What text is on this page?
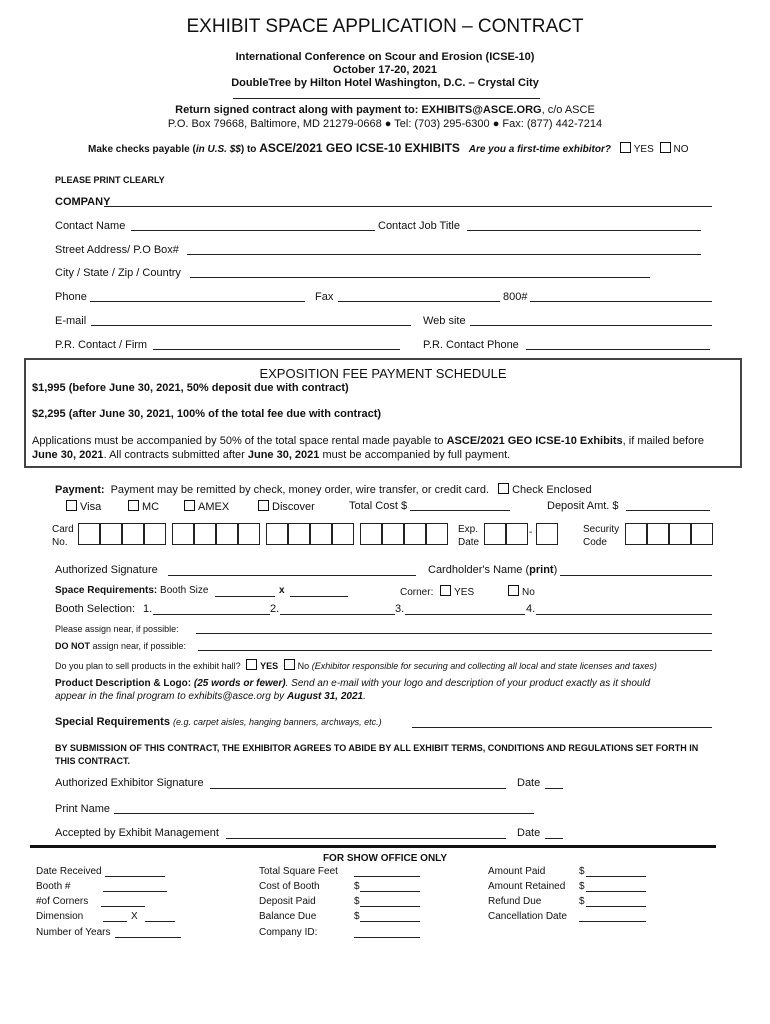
EXHIBIT SPACE APPLICATION – CONTRACT
International Conference on Scour and Erosion (ICSE-10)
October 17-20, 2021
DoubleTree by Hilton Hotel Washington, D.C. – Crystal City
Return signed contract along with payment to: EXHIBITS@ASCE.ORG, c/o ASCE
P.O. Box 79668, Baltimore, MD 21279-0668 ● Tel: (703) 295-6300 ● Fax: (877) 442-7214
Make checks payable (in U.S. $$) to ASCE/2021 GEO ICSE-10 EXHIBITS Are you a first-time exhibitor? YES NO
PLEASE PRINT CLEARLY
COMPANY
Contact Name	Contact Job Title
Street Address/ P.O Box#
City / State / Zip / Country
Phone	Fax	800#
E-mail	Web site
P.R. Contact / Firm	P.R. Contact Phone
EXPOSITION FEE PAYMENT SCHEDULE
$1,995 (before June 30, 2021, 50% deposit due with contract)
$2,295 (after June 30, 2021, 100% of the total fee due with contract)
Applications must be accompanied by 50% of the total space rental made payable to ASCE/2021 GEO ICSE-10 Exhibits, if mailed before
June 30, 2021. All contracts submitted after June 30, 2021 must be accompanied by full payment.
Payment: Payment may be remitted by check, money order, wire transfer, or credit card. Check Enclosed
Visa	MC	AMEX	Discover	Total Cost $	Deposit Amt. $
Card No.
Exp. Date
-	Security Code
Authorized Signature	Cardholder's Name (print)
Space Requirements: Booth Size	x	Corner: YES	No
Booth Selection: 1.	2.	3.	4.
Please assign near, if possible:
DO NOT assign near, if possible:
Do you plan to sell products in the exhibit hall? YES No (Exhibitor responsible for securing and collecting all local and state licenses and taxes)
Product Description & Logo: (25 words or fewer). Send an e-mail with your logo and description of your product exactly as it should
appear in the final program to exhibits@asce.org by August 31, 2021.
Special Requirements (e.g. carpet aisles, hanging banners, archways, etc.)
BY SUBMISSION OF THIS CONTRACT, THE EXHIBITOR AGREES TO ABIDE BY ALL EXHIBIT TERMS, CONDITIONS AND REGULATIONS SET FORTH IN
THIS CONTRACT.
Authorized Exhibitor Signature	Date
Print Name
Accepted by Exhibit Management	Date
FOR SHOW OFFICE ONLY
Date Received
Booth #
#of Corners
Dimension	X
Number of Years
Total Square Feet
Cost of Booth	$
Deposit Paid	$
Balance Due	$
Company ID:
Amount Paid	$
Amount Retained $
Refund Due	$
Cancellation Date
